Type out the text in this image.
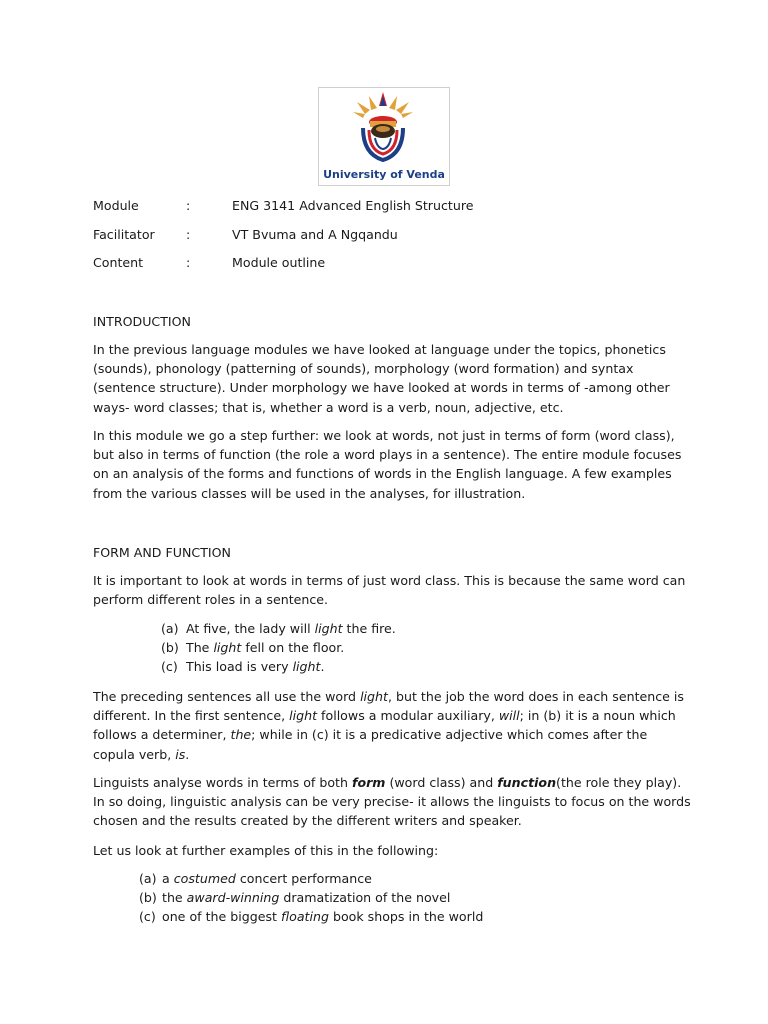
University of Venda
Module	:	ENG 3141 Advanced English Structure
Facilitator :	VT Bvuma and A Ngqandu
Content	:	Module outline
INTRODUCTION
In the previous language modules we have looked at language under the topics, phonetics (sounds), phonology (patterning of sounds), morphology (word formation) and syntax (sentence structure). Under morphology we have looked at words in terms of -among other ways- word classes; that is, whether a word is a verb, noun, adjective, etc.
In this module we go a step further: we look at words, not just in terms of form (word class), but also in terms of function (the role a word plays in a sentence). The entire module focuses on an analysis of the forms and functions of words in the English language. A few examples from the various classes will be used in the analyses, for illustration.
FORM AND FUNCTION
It is important to look at words in terms of just word class. This is because the same word can perform different roles in a sentence.
(a) At five, the lady will light the fire.
(b) The light fell on the floor.
(c) This load is very light.
The preceding sentences all use the word light, but the job the word does in each sentence is different. In the first sentence, light follows a modular auxiliary, will; in (b) it is a noun which follows a determiner, the; while in (c) it is a predicative adjective which comes after the copula verb, is.
Linguists analyse words in terms of both form (word class) and function(the role they play). In so doing, linguistic analysis can be very precise- it allows the linguists to focus on the words chosen and the results created by the different writers and speaker.
Let us look at further examples of this in the following:
(a) a costumed concert performance
(b) the award-winning dramatization of the novel
(c) one of the biggest floating book shops in the world
